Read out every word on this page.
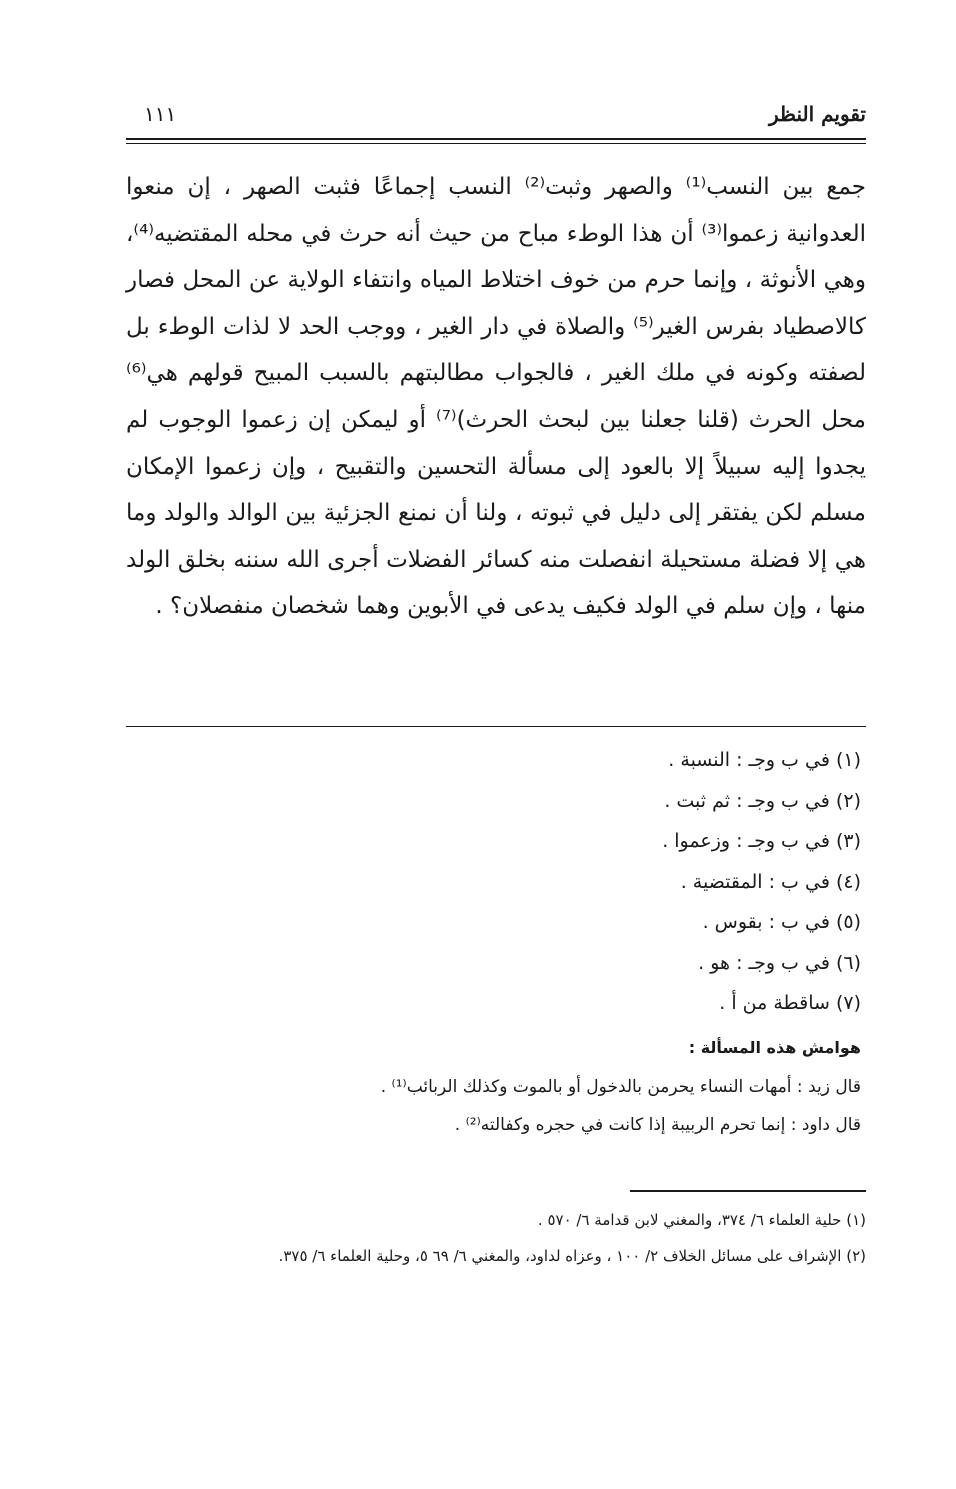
تقويم النظر
١١١

جمع بين النسب⁽¹⁾ والصهر وثبت⁽²⁾ النسب إجماعًا فثبت الصهر ، إن منعوا العدوانية زعموا⁽³⁾ أن هذا الوطء مباح من حيث أنه حرث في محله المقتضيه⁽⁴⁾، وهي الأنوثة ، وإنما حرم من خوف اختلاط المياه وانتفاء الولاية عن المحل فصار كالاصطياد بفرس الغير⁽⁵⁾ والصلاة في دار الغير ، ووجب الحد لا لذات الوطء بل لصفته وكونه في ملك الغير ، فالجواب مطالبتهم بالسبب المبيح قولهم هي⁽⁶⁾ محل الحرث (قلنا جعلنا بين لبحث الحرث)⁽⁷⁾ أو ليمكن إن زعموا الوجوب لم يجدوا إليه سبيلاً إلا بالعود إلى مسألة التحسين والتقبيح ، وإن زعموا الإمكان مسلم لكن يفتقر إلى دليل في ثبوته ، ولنا أن نمنع الجزئية بين الوالد والولد وما هي إلا فضلة مستحيلة انفصلت منه كسائر الفضلات أجرى الله سننه بخلق الولد منها ، وإن سلم في الولد فكيف يدعى في الأبوين وهما شخصان منفصلان؟ .

(١) في ب وجـ : النسبة .
(٢) في ب وجـ : ثم ثبت .
(٣) في ب وجـ : وزعموا .
(٤) في ب : المقتضية .
(٥) في ب : بقوس .
(٦) في ب وجـ : هو .
(٧) ساقطة من أ .
هوامش هذه المسألة :
قال زيد : أمهات النساء يحرمن بالدخول أو بالموت وكذلك الربائب⁽¹⁾ .
قال داود : إنما تحرم الربيبة إذا كانت في حجره وكفالته⁽²⁾ .
(١) حلية العلماء ٦/ ٣٧٤، والمغني لابن قدامة ٦/ ٥٧٠ .
(٢) الإشراف على مسائل الخلاف ٢/ ١٠٠ ، وعزاه لداود، والمغني ٦/ ٦٩ ٥، وحلية العلماء ٦/ ٣٧٥.
